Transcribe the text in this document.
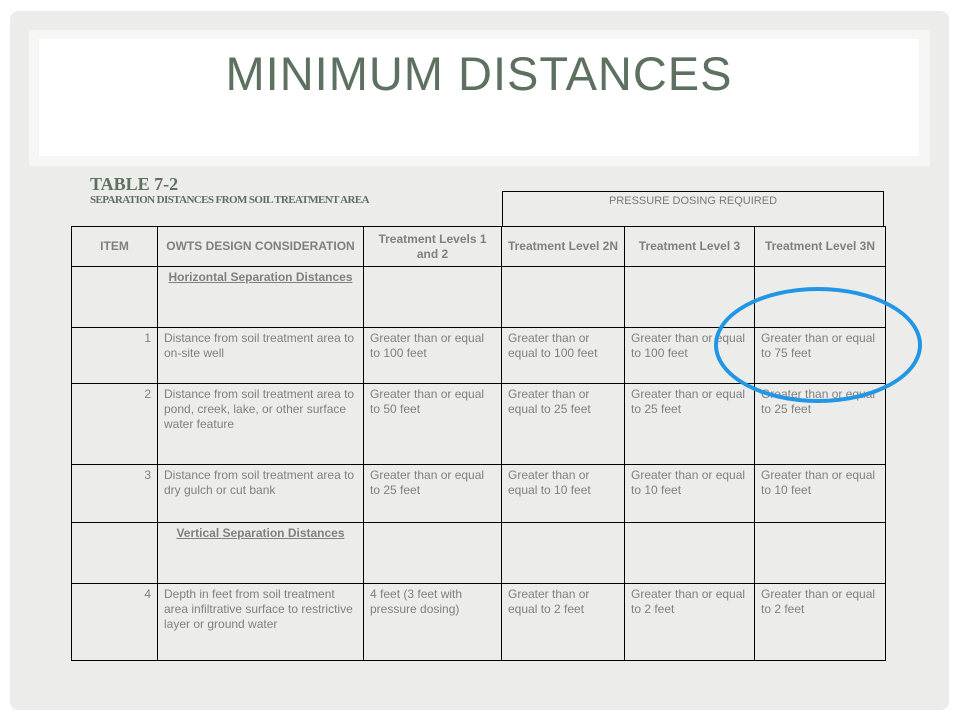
MINIMUM DISTANCES
TABLE 7-2
SEPARATION DISTANCES FROM SOIL TREATMENT AREA	PRESSURE DOSING REQUIRED
ITEM	OWTS DESIGN CONSIDERATION	Treatment Levels 1 and 2	Treatment Level 2N	Treatment Level 3	Treatment Level 3N
	Horizontal Separation Distances				
1	Distance from soil treatment area to on-site well	Greater than or equal to 100 feet	Greater than or equal to 100 feet	Greater than or equal to 100 feet	Greater than or equal to 75 feet
2	Distance from soil treatment area to pond, creek, lake, or other surface water feature	Greater than or equal to 50 feet	Greater than or equal to 25 feet	Greater than or equal to 25 feet	Greater than or equal to 25 feet
3	Distance from soil treatment area to dry gulch or cut bank	Greater than or equal to 25 feet	Greater than or equal to 10 feet	Greater than or equal to 10 feet	Greater than or equal to 10 feet
	Vertical Separation Distances				
4	Depth in feet from soil treatment area infiltrative surface to restrictive layer or ground water	4 feet (3 feet with pressure dosing)	Greater than or equal to 2 feet	Greater than or equal to 2 feet	Greater than or equal to 2 feet
